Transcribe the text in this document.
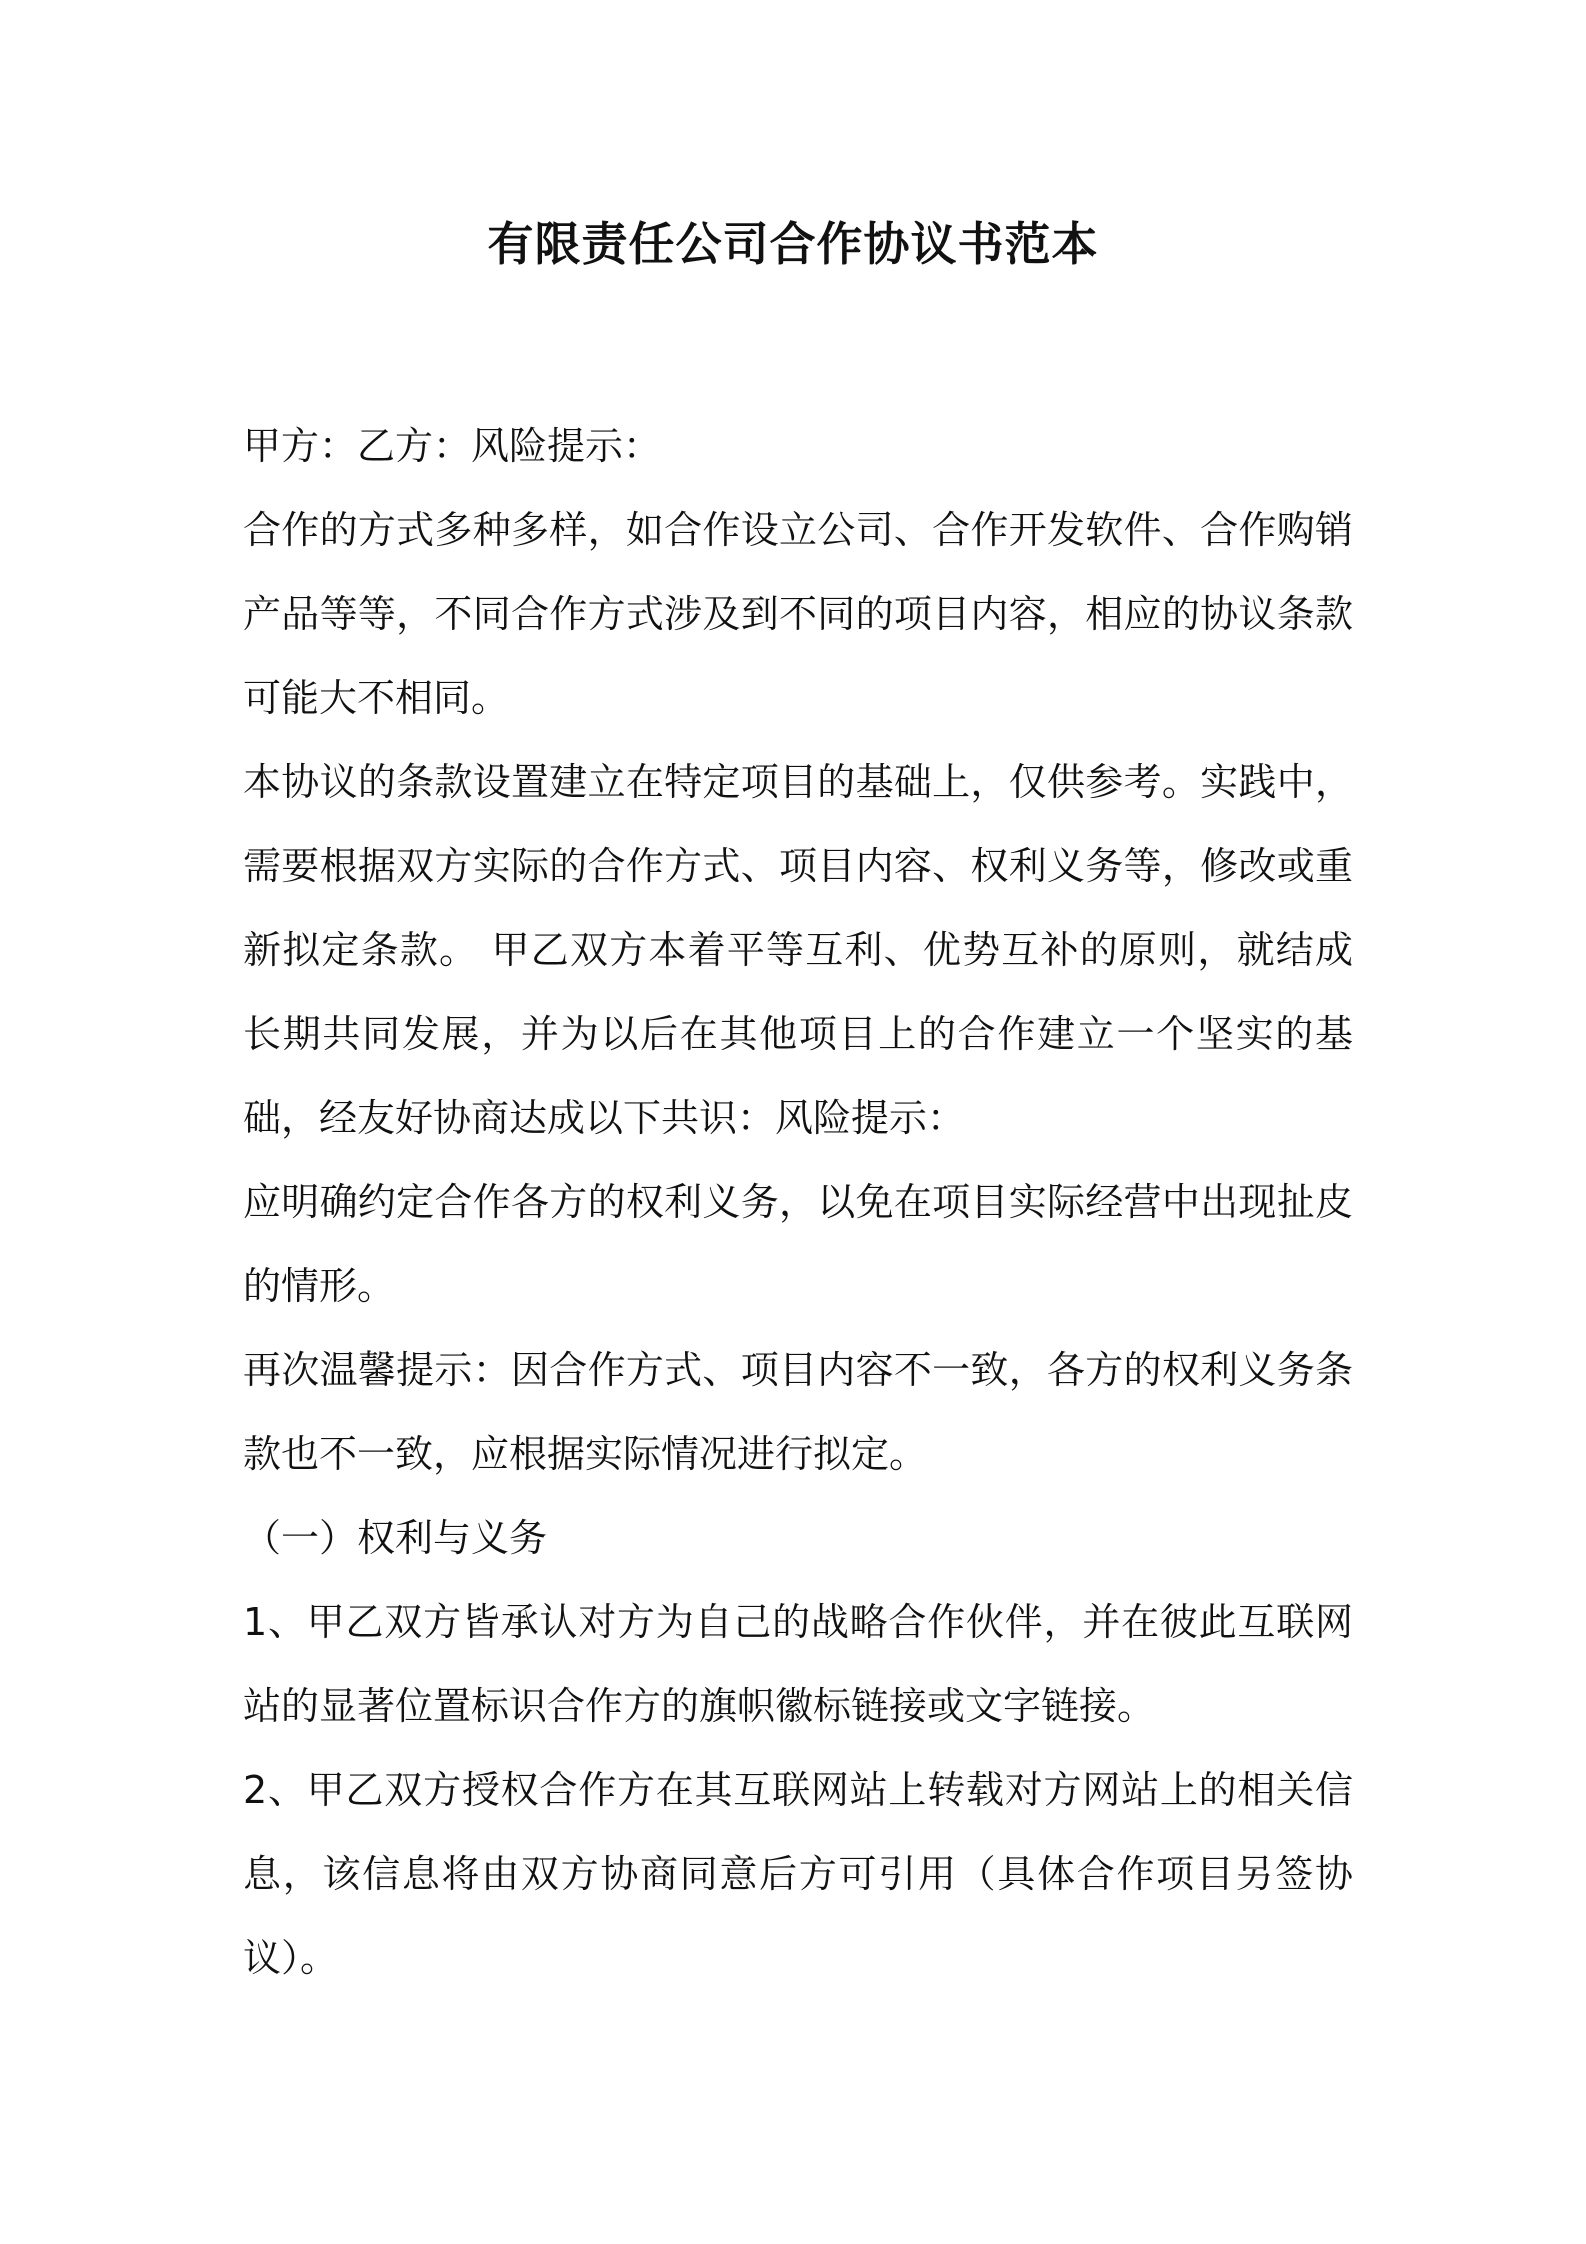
有限责任公司合作协议书范本

甲方：乙方：风险提示：

合作的方式多种多样，如合作设立公司、合作开发软件、合作购销产品等等，不同合作方式涉及到不同的项目内容，相应的协议条款可能大不相同。

本协议的条款设置建立在特定项目的基础上，仅供参考。实践中，需要根据双方实际的合作方式、项目内容、权利义务等，修改或重新拟定条款。 甲乙双方本着平等互利、优势互补的原则，就结成长期共同发展，并为以后在其他项目上的合作建立一个坚实的基础，经友好协商达成以下共识：风险提示：

应明确约定合作各方的权利义务，以免在项目实际经营中出现扯皮的情形。

再次温馨提示：因合作方式、项目内容不一致，各方的权利义务条款也不一致，应根据实际情况进行拟定。

（一）权利与义务

1、甲乙双方皆承认对方为自己的战略合作伙伴，并在彼此互联网站的显著位置标识合作方的旗帜徽标链接或文字链接。

2、甲乙双方授权合作方在其互联网站上转载对方网站上的相关信息，该信息将由双方协商同意后方可引用（具体合作项目另签协议）。
